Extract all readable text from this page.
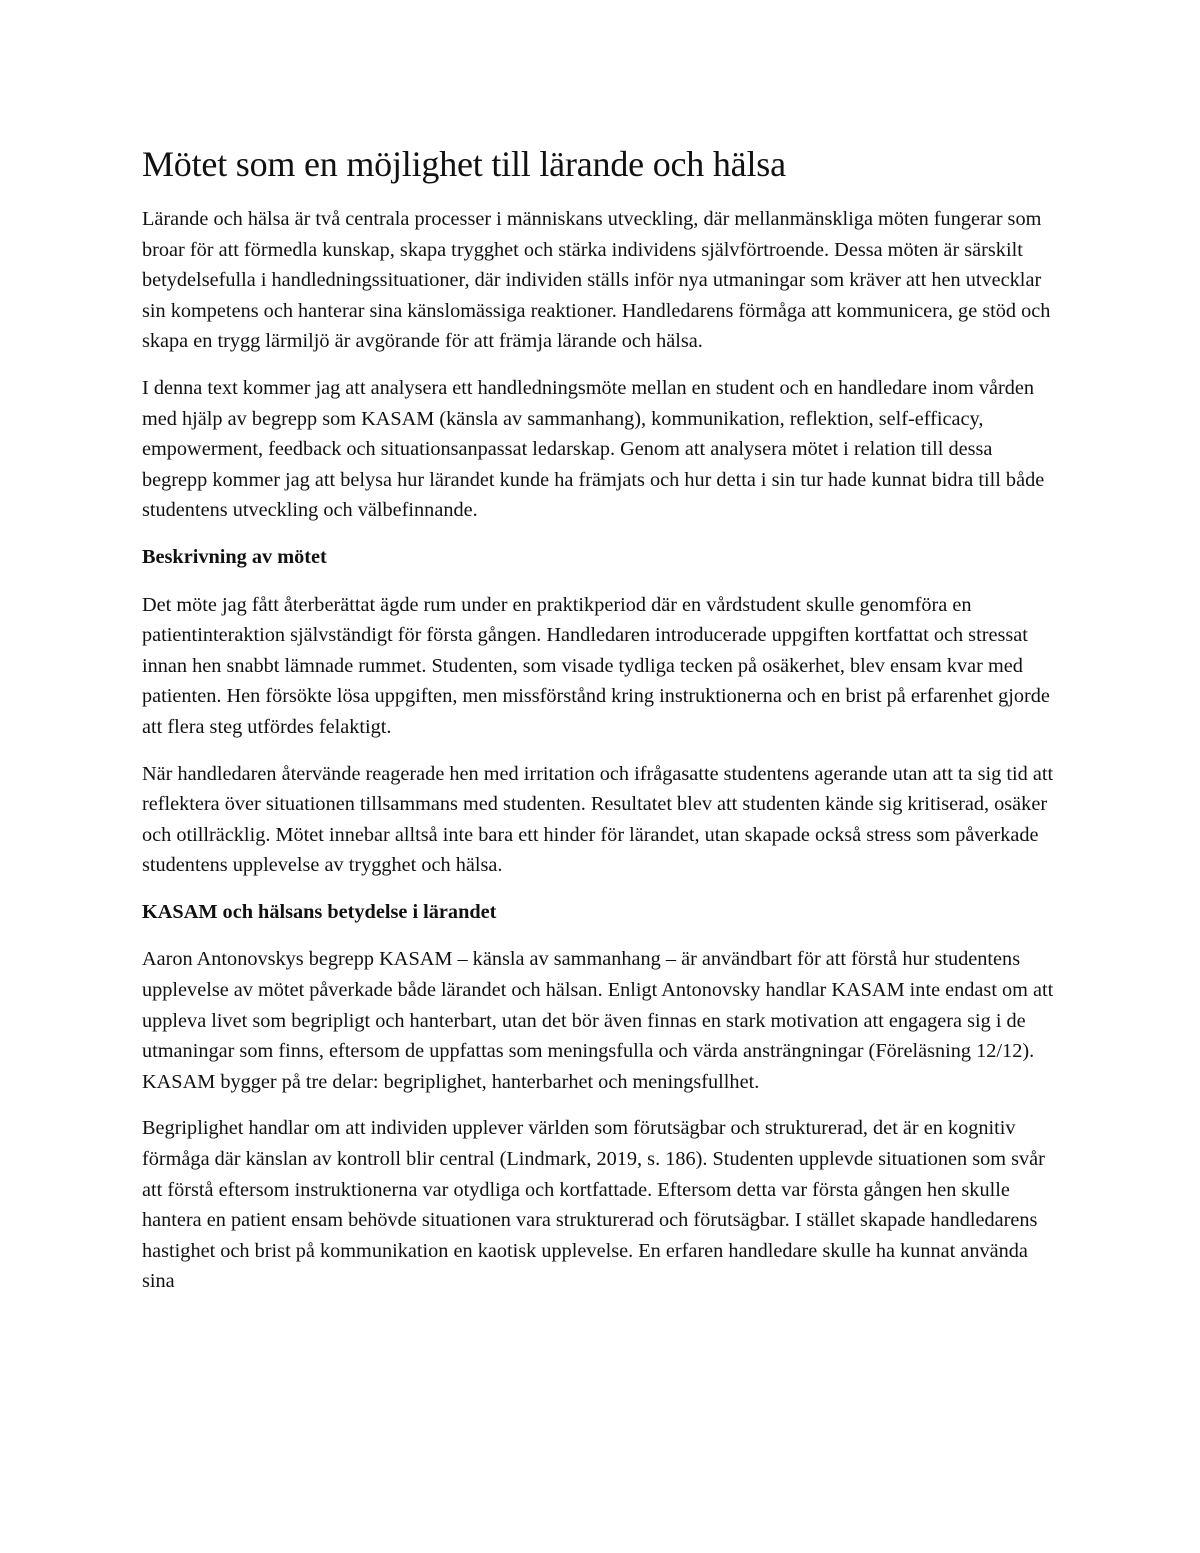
Mötet som en möjlighet till lärande och hälsa

Lärande och hälsa är två centrala processer i människans utveckling, där mellanmänskliga möten fungerar som broar för att förmedla kunskap, skapa trygghet och stärka individens självförtroende. Dessa möten är särskilt betydelsefulla i handledningssituationer, där individen ställs inför nya utmaningar som kräver att hen utvecklar sin kompetens och hanterar sina känslomässiga reaktioner. Handledarens förmåga att kommunicera, ge stöd och skapa en trygg lärmiljö är avgörande för att främja lärande och hälsa.

I denna text kommer jag att analysera ett handledningsmöte mellan en student och en handledare inom vården med hjälp av begrepp som KASAM (känsla av sammanhang), kommunikation, reflektion, self-efficacy, empowerment, feedback och situationsanpassat ledarskap. Genom att analysera mötet i relation till dessa begrepp kommer jag att belysa hur lärandet kunde ha främjats och hur detta i sin tur hade kunnat bidra till både studentens utveckling och välbefinnande.

Beskrivning av mötet

Det möte jag fått återberättat ägde rum under en praktikperiod där en vårdstudent skulle genomföra en patientinteraktion självständigt för första gången. Handledaren introducerade uppgiften kortfattat och stressat innan hen snabbt lämnade rummet. Studenten, som visade tydliga tecken på osäkerhet, blev ensam kvar med patienten. Hen försökte lösa uppgiften, men missförstånd kring instruktionerna och en brist på erfarenhet gjorde att flera steg utfördes felaktigt.

När handledaren återvände reagerade hen med irritation och ifrågasatte studentens agerande utan att ta sig tid att reflektera över situationen tillsammans med studenten. Resultatet blev att studenten kände sig kritiserad, osäker och otillräcklig. Mötet innebar alltså inte bara ett hinder för lärandet, utan skapade också stress som påverkade studentens upplevelse av trygghet och hälsa.

KASAM och hälsans betydelse i lärandet

Aaron Antonovskys begrepp KASAM – känsla av sammanhang – är användbart för att förstå hur studentens upplevelse av mötet påverkade både lärandet och hälsan. Enligt Antonovsky handlar KASAM inte endast om att uppleva livet som begripligt och hanterbart, utan det bör även finnas en stark motivation att engagera sig i de utmaningar som finns, eftersom de uppfattas som meningsfulla och värda ansträngningar (Föreläsning 12/12). KASAM bygger på tre delar: begriplighet, hanterbarhet och meningsfullhet.

Begriplighet handlar om att individen upplever världen som förutsägbar och strukturerad, det är en kognitiv förmåga där känslan av kontroll blir central (Lindmark, 2019, s. 186). Studenten upplevde situationen som svår att förstå eftersom instruktionerna var otydliga och kortfattade. Eftersom detta var första gången hen skulle hantera en patient ensam behövde situationen vara strukturerad och förutsägbar. I stället skapade handledarens hastighet och brist på kommunikation en kaotisk upplevelse. En erfaren handledare skulle ha kunnat använda sina
